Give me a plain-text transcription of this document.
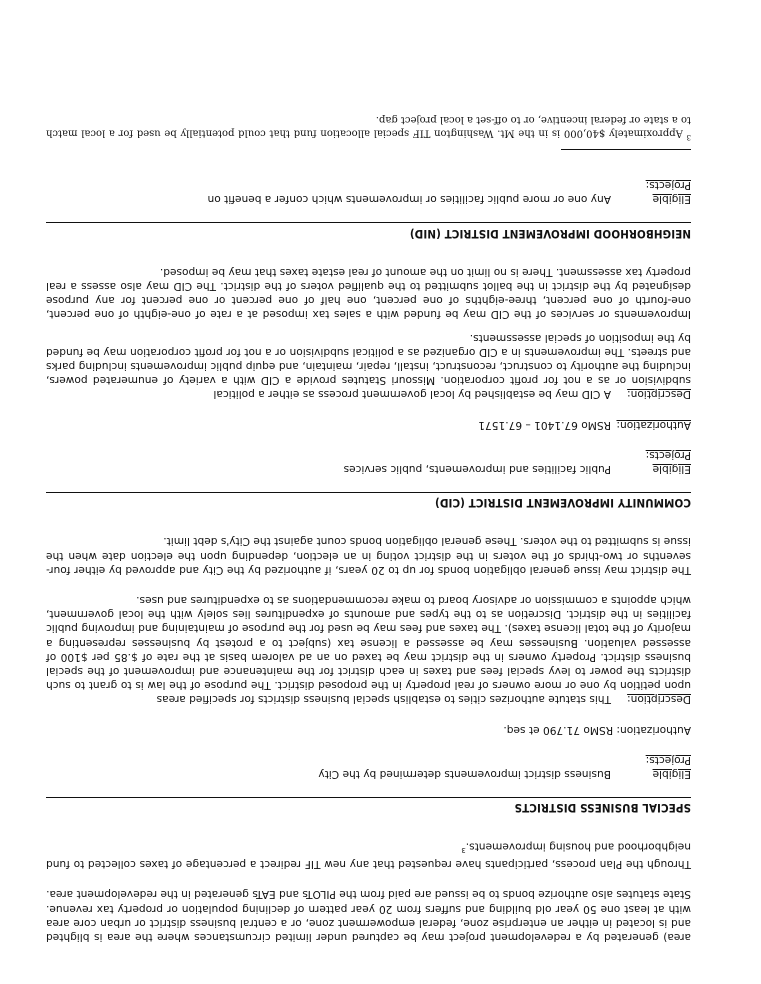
area) generated by a redevelopment project may be captured under limited circumstances where the area is blighted and is located in either an enterprise zone, federal empowerment zone, or a central business district or urban core area with at least one 50 year old building and suffers from 20 year pattern of declining population or property tax revenue. State statutes also authorize bonds to be issued are paid from the PILOTs and EATs generated in the redevelopment area.

Through the Plan process, participants have requested that any new TIF redirect a percentage of taxes collected to fund neighborhood and housing improvements.$^3$

SPECIAL BUSINESS DISTRICTS
Eligible Projects:
Business district improvements determined by the City

Authorization: RSMo 71.790 et seq.

Description:
This statute authorizes cities to establish special business districts for specified areas

upon petition by one or more owners of real property in the proposed district. The purpose of the law is to grant to such districts the power to levy special fees and taxes in each district for the maintenance and improvement of the special business district. Property owners in the district may be taxed on an ad valorem basis at the rate of $.85 per $100 of assessed valuation. Businesses may be assessed a license tax (subject to a protest by businesses representing a majority of the total license taxes). The taxes and fees may be used for the purpose of maintaining and improving public facilities in the district. Discretion as to the types and amounts of expenditures lies solely with the local government, which appoints a commission or advisory board to make recommendations as to expenditures and uses.

The district may issue general obligation bonds for up to 20 years, if authorized by the City and approved by either four-sevenths or two-thirds of the voters in the district voting in an election, depending upon the election date when the issue is submitted to the voters. These general obligation bonds count against the City's debt limit.

COMMUNITY IMPROVEMENT DISTRICT (CID)
Eligible Projects:
Public facilities and improvements, public services
Authorization:
RSMo 67.1401 – 67.1571
Description:
A CID may be established by local government process as either a political

subdivision or as a not for profit corporation. Missouri Statutes provide a CID with a variety of enumerated powers, including the authority to construct, reconstruct, install, repair, maintain, and equip public improvements including parks and streets. The improvements in a CID organized as a political subdivision or a not for profit corporation may be funded by the imposition of special assessments.

Improvements or services of the CID may be funded with a sales tax imposed at a rate of one-eighth of one percent, one-fourth of one percent, three-eighths of one percent, one half of one percent or one percent for any purpose designated by the district in the ballot submitted to the qualified voters of the district. The CID may also assess a real property tax assessment. There is no limit on the amount of real estate taxes that may be imposed.

NEIGHBORHOOD IMPROVEMENT DISTRICT (NID)
Eligible Projects:
Any one or more public facilities or improvements which confer a benefit on

$^3$ Approximately $40,000 is in the Mt. Washington TIF special allocation fund that could potentially be used for a local match to a state or federal incentive, or to off-set a local project gap.
